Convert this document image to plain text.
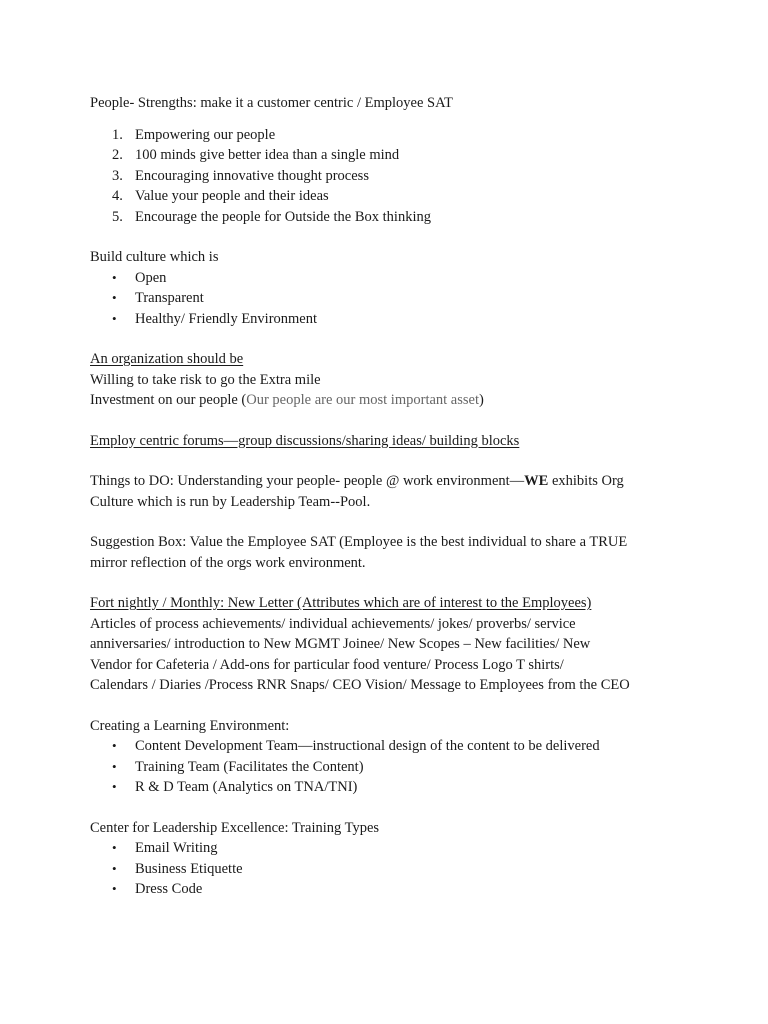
People- Strengths: make it a customer centric / Employee SAT
1. Empowering our people
2. 100 minds give better idea than a single mind
3. Encouraging innovative thought process
4. Value your people and their ideas
5. Encourage the people for Outside the Box thinking
Build culture which is
• Open
• Transparent
• Healthy/ Friendly Environment
An organization should be
Willing to take risk to go the Extra mile
Investment on our people (Our people are our most important asset)
Employ centric forums—group discussions/sharing ideas/ building blocks
Things to DO: Understanding your people- people @ work environment—WE exhibits Org
Culture which is run by Leadership Team--Pool.
Suggestion Box: Value the Employee SAT (Employee is the best individual to share a TRUE
mirror reflection of the orgs work environment.
Fort nightly / Monthly: New Letter (Attributes which are of interest to the Employees)
Articles of process achievements/ individual achievements/ jokes/ proverbs/ service
anniversaries/ introduction to New MGMT Joinee/ New Scopes – New facilities/ New
Vendor for Cafeteria / Add-ons for particular food venture/ Process Logo T shirts/
Calendars / Diaries /Process RNR Snaps/ CEO Vision/ Message to Employees from the CEO
Creating a Learning Environment:
• Content Development Team—instructional design of the content to be delivered
• Training Team (Facilitates the Content)
• R & D Team (Analytics on TNA/TNI)
Center for Leadership Excellence: Training Types
• Email Writing
• Business Etiquette
• Dress Code
